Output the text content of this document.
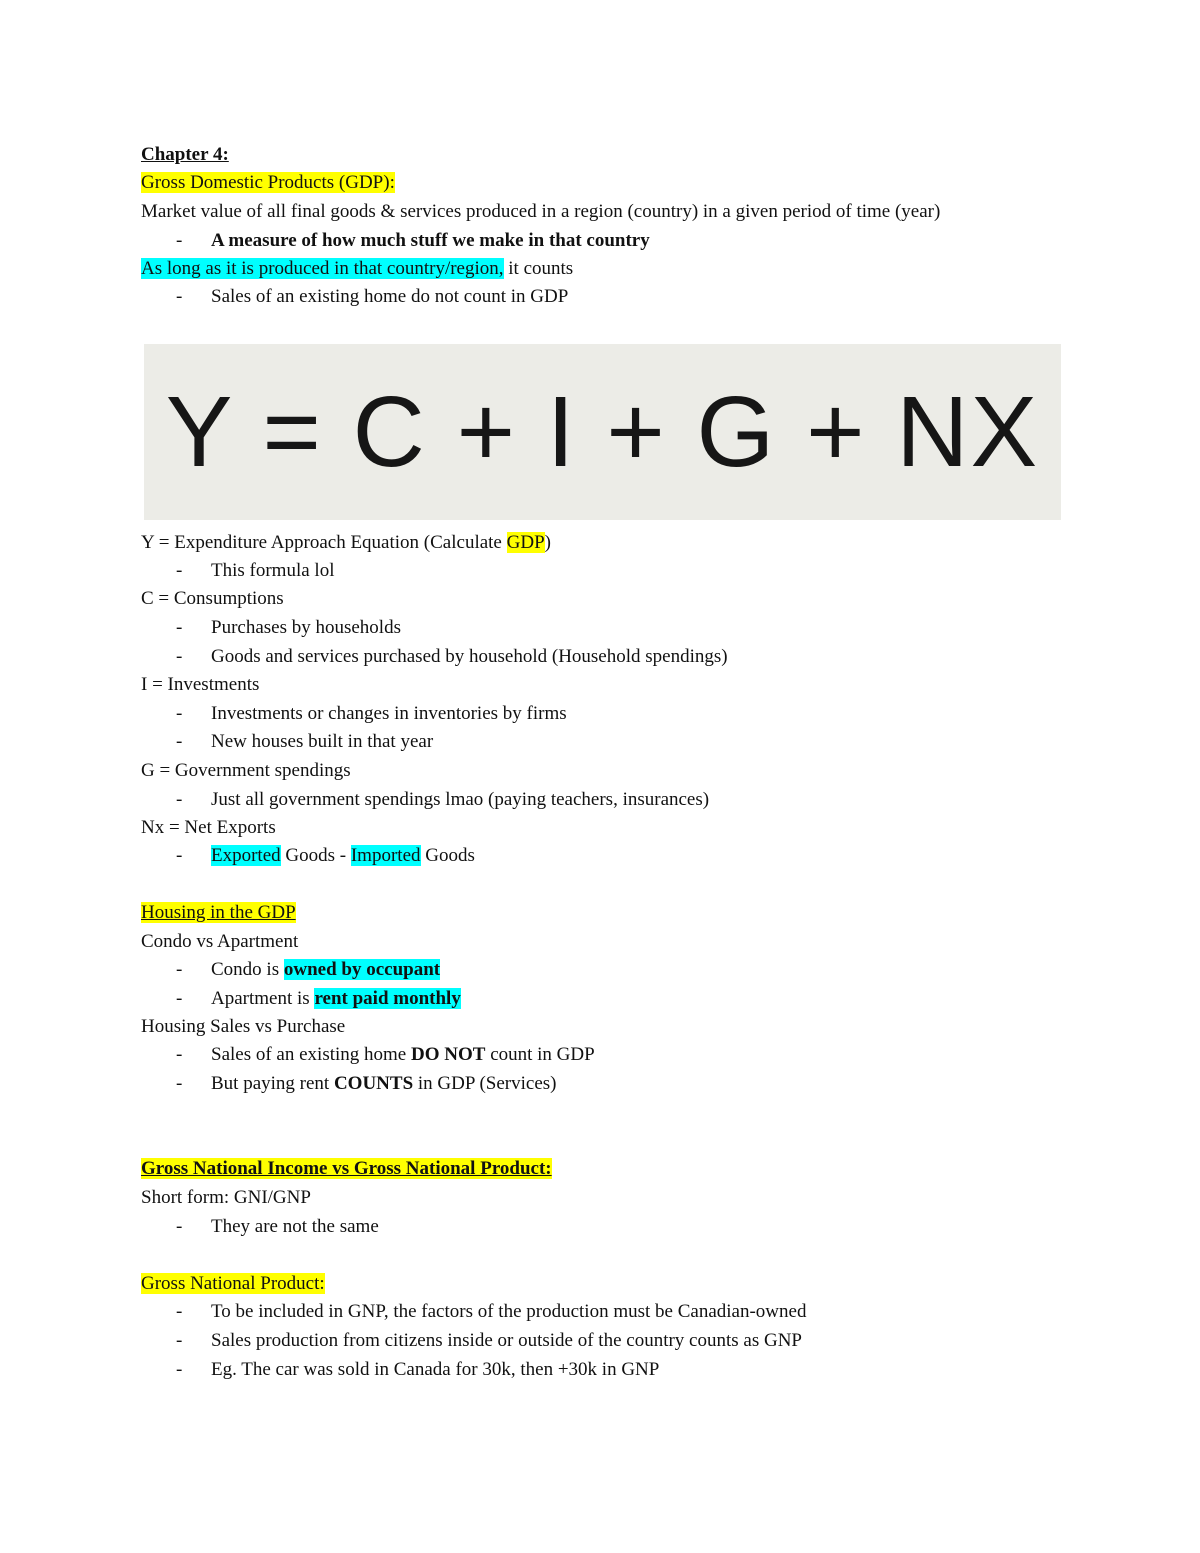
Chapter 4:
Gross Domestic Products (GDP):
Market value of all final goods & services produced in a region (country) in a given period of time (year)
- A measure of how much stuff we make in that country
As long as it is produced in that country/region, it counts
- Sales of an existing home do not count in GDP
Y = C + I + G + NX
Y = Expenditure Approach Equation (Calculate GDP)
- This formula lol
C = Consumptions
- Purchases by households
- Goods and services purchased by household (Household spendings)
I = Investments
- Investments or changes in inventories by firms
- New houses built in that year
G = Government spendings
- Just all government spendings lmao (paying teachers, insurances)
Nx = Net Exports
- Exported Goods - Imported Goods
Housing in the GDP
Condo vs Apartment
- Condo is owned by occupant
- Apartment is rent paid monthly
Housing Sales vs Purchase
- Sales of an existing home DO NOT count in GDP
- But paying rent COUNTS in GDP (Services)
Gross National Income vs Gross National Product:
Short form: GNI/GNP
- They are not the same
Gross National Product:
- To be included in GNP, the factors of the production must be Canadian-owned
- Sales production from citizens inside or outside of the country counts as GNP
- Eg. The car was sold in Canada for 30k, then +30k in GNP
